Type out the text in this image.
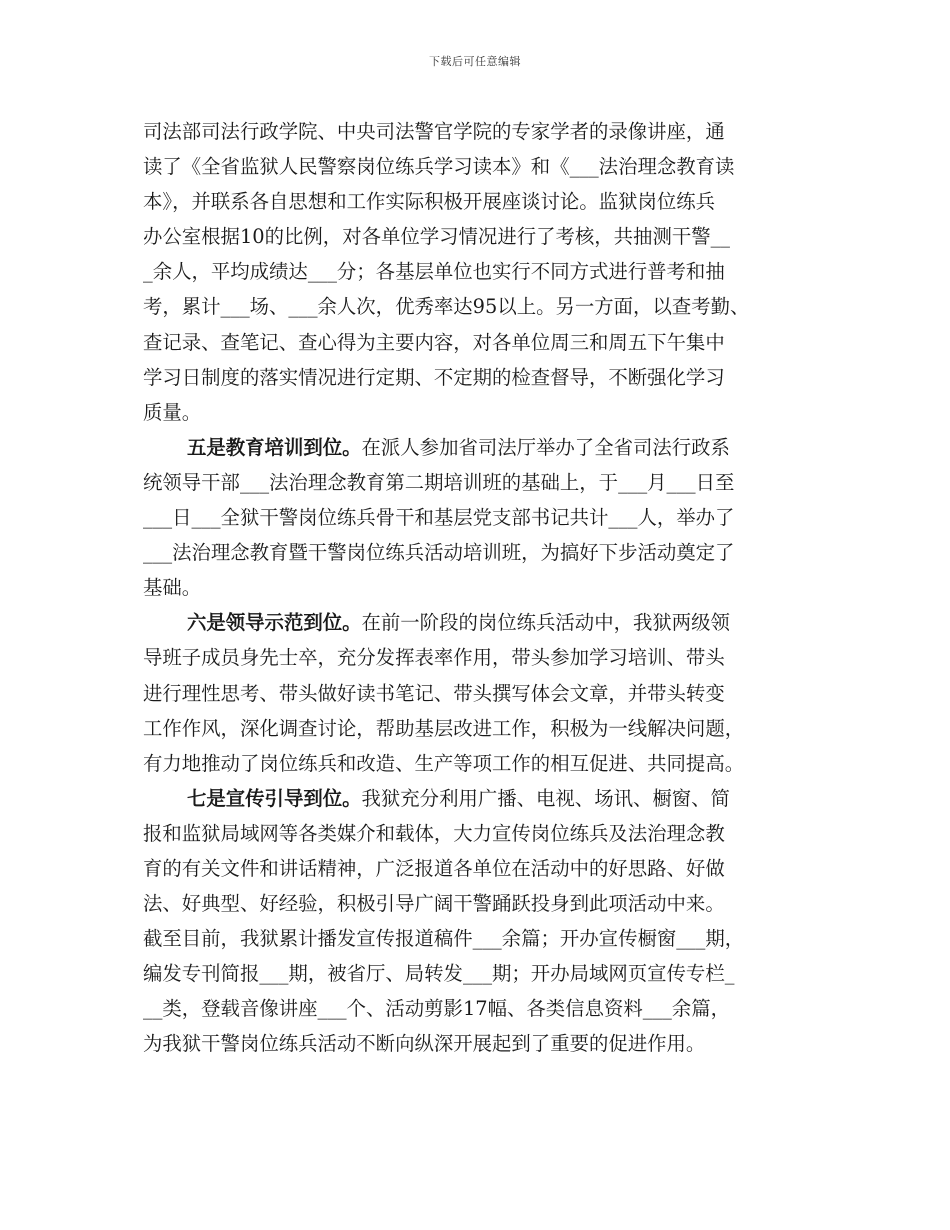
下载后可任意编辑
司法部司法行政学院、中央司法警官学院的专家学者的录像讲座，通
读了《全省监狱人民警察岗位练兵学习读本》和《___法治理念教育读
本》，并联系各自思想和工作实际积极开展座谈讨论。监狱岗位练兵
办公室根据10的比例，对各单位学习情况进行了考核，共抽测干警__
_余人，平均成绩达___分；各基层单位也实行不同方式进行普考和抽
考，累计___场、___余人次，优秀率达95以上。另一方面，以查考勤、
查记录、查笔记、查心得为主要内容，对各单位周三和周五下午集中
学习日制度的落实情况进行定期、不定期的检查督导，不断强化学习
质量。
五是教育培训到位。在派人参加省司法厅举办了全省司法行政系
统领导干部___法治理念教育第二期培训班的基础上，于___月___日至
___日___全狱干警岗位练兵骨干和基层党支部书记共计___人，举办了
___法治理念教育暨干警岗位练兵活动培训班，为搞好下步活动奠定了
基础。
六是领导示范到位。在前一阶段的岗位练兵活动中，我狱两级领
导班子成员身先士卒，充分发挥表率作用，带头参加学习培训、带头
进行理性思考、带头做好读书笔记、带头撰写体会文章，并带头转变
工作作风，深化调查讨论，帮助基层改进工作，积极为一线解决问题，
有力地推动了岗位练兵和改造、生产等项工作的相互促进、共同提高。
七是宣传引导到位。我狱充分利用广播、电视、场讯、橱窗、简
报和监狱局域网等各类媒介和载体，大力宣传岗位练兵及法治理念教
育的有关文件和讲话精神，广泛报道各单位在活动中的好思路、好做
法、好典型、好经验，积极引导广阔干警踊跃投身到此项活动中来。
截至目前，我狱累计播发宣传报道稿件___余篇；开办宣传橱窗___期，
编发专刊简报___期，被省厅、局转发___期；开办局域网页宣传专栏_
__类，登载音像讲座___个、活动剪影17幅、各类信息资料___余篇，
为我狱干警岗位练兵活动不断向纵深开展起到了重要的促进作用。
